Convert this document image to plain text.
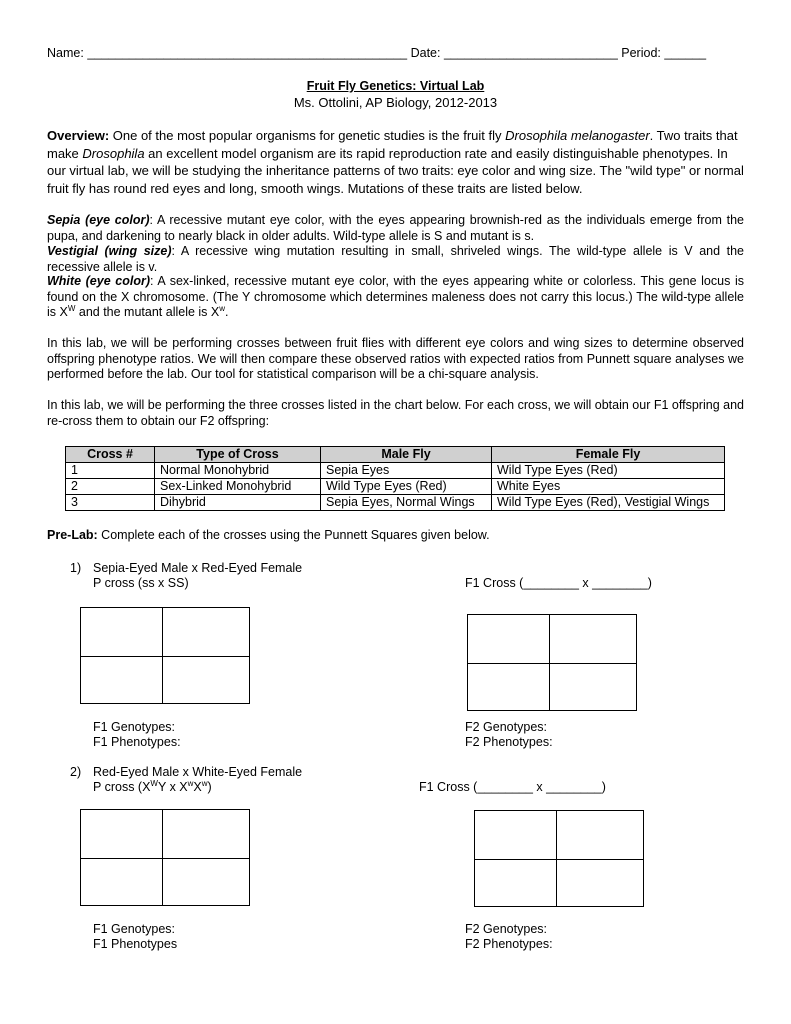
Name: ______________________________________________ Date: _________________________ Period: ______
Fruit Fly Genetics: Virtual Lab
Ms. Ottolini, AP Biology, 2012-2013
Overview: One of the most popular organisms for genetic studies is the fruit fly Drosophila melanogaster. Two traits that make Drosophila an excellent model organism are its rapid reproduction rate and easily distinguishable phenotypes. In our virtual lab, we will be studying the inheritance patterns of two traits: eye color and wing size. The "wild type" or normal fruit fly has round red eyes and long, smooth wings. Mutations of these traits are listed below.
Sepia (eye color): A recessive mutant eye color, with the eyes appearing brownish-red as the individuals emerge from the pupa, and darkening to nearly black in older adults. Wild-type allele is S and mutant is s.
Vestigial (wing size): A recessive wing mutation resulting in small, shriveled wings. The wild-type allele is V and the recessive allele is v.
White (eye color): A sex-linked, recessive mutant eye color, with the eyes appearing white or colorless. This gene locus is found on the X chromosome. (The Y chromosome which determines maleness does not carry this locus.) The wild-type allele is $X^W$ and the mutant allele is $X^w$.
In this lab, we will be performing crosses between fruit flies with different eye colors and wing sizes to determine observed offspring phenotype ratios. We will then compare these observed ratios with expected ratios from Punnett square analyses we performed before the lab. Our tool for statistical comparison will be a chi-square analysis.
In this lab, we will be performing the three crosses listed in the chart below. For each cross, we will obtain our F1 offspring and re-cross them to obtain our F2 offspring:
Cross #	Type of Cross	Male Fly	Female Fly
1	Normal Monohybrid	Sepia Eyes	Wild Type Eyes (Red)
2	Sex-Linked Monohybrid	Wild Type Eyes (Red)	White Eyes
3	Dihybrid	Sepia Eyes, Normal Wings	Wild Type Eyes (Red), Vestigial Wings
Pre-Lab: Complete each of the crosses using the Punnett Squares given below.
1) Sepia-Eyed Male x Red-Eyed Female
P cross (ss x SS)	F1 Cross (________ x ________)
F1 Genotypes:
F1 Phenotypes:
F2 Genotypes:
F2 Phenotypes:
2) Red-Eyed Male x White-Eyed Female
P cross ($X^WY$ x $X^wX^w$)	F1 Cross (________ x ________)
F1 Genotypes:
F1 Phenotypes
F2 Genotypes:
F2 Phenotypes:
